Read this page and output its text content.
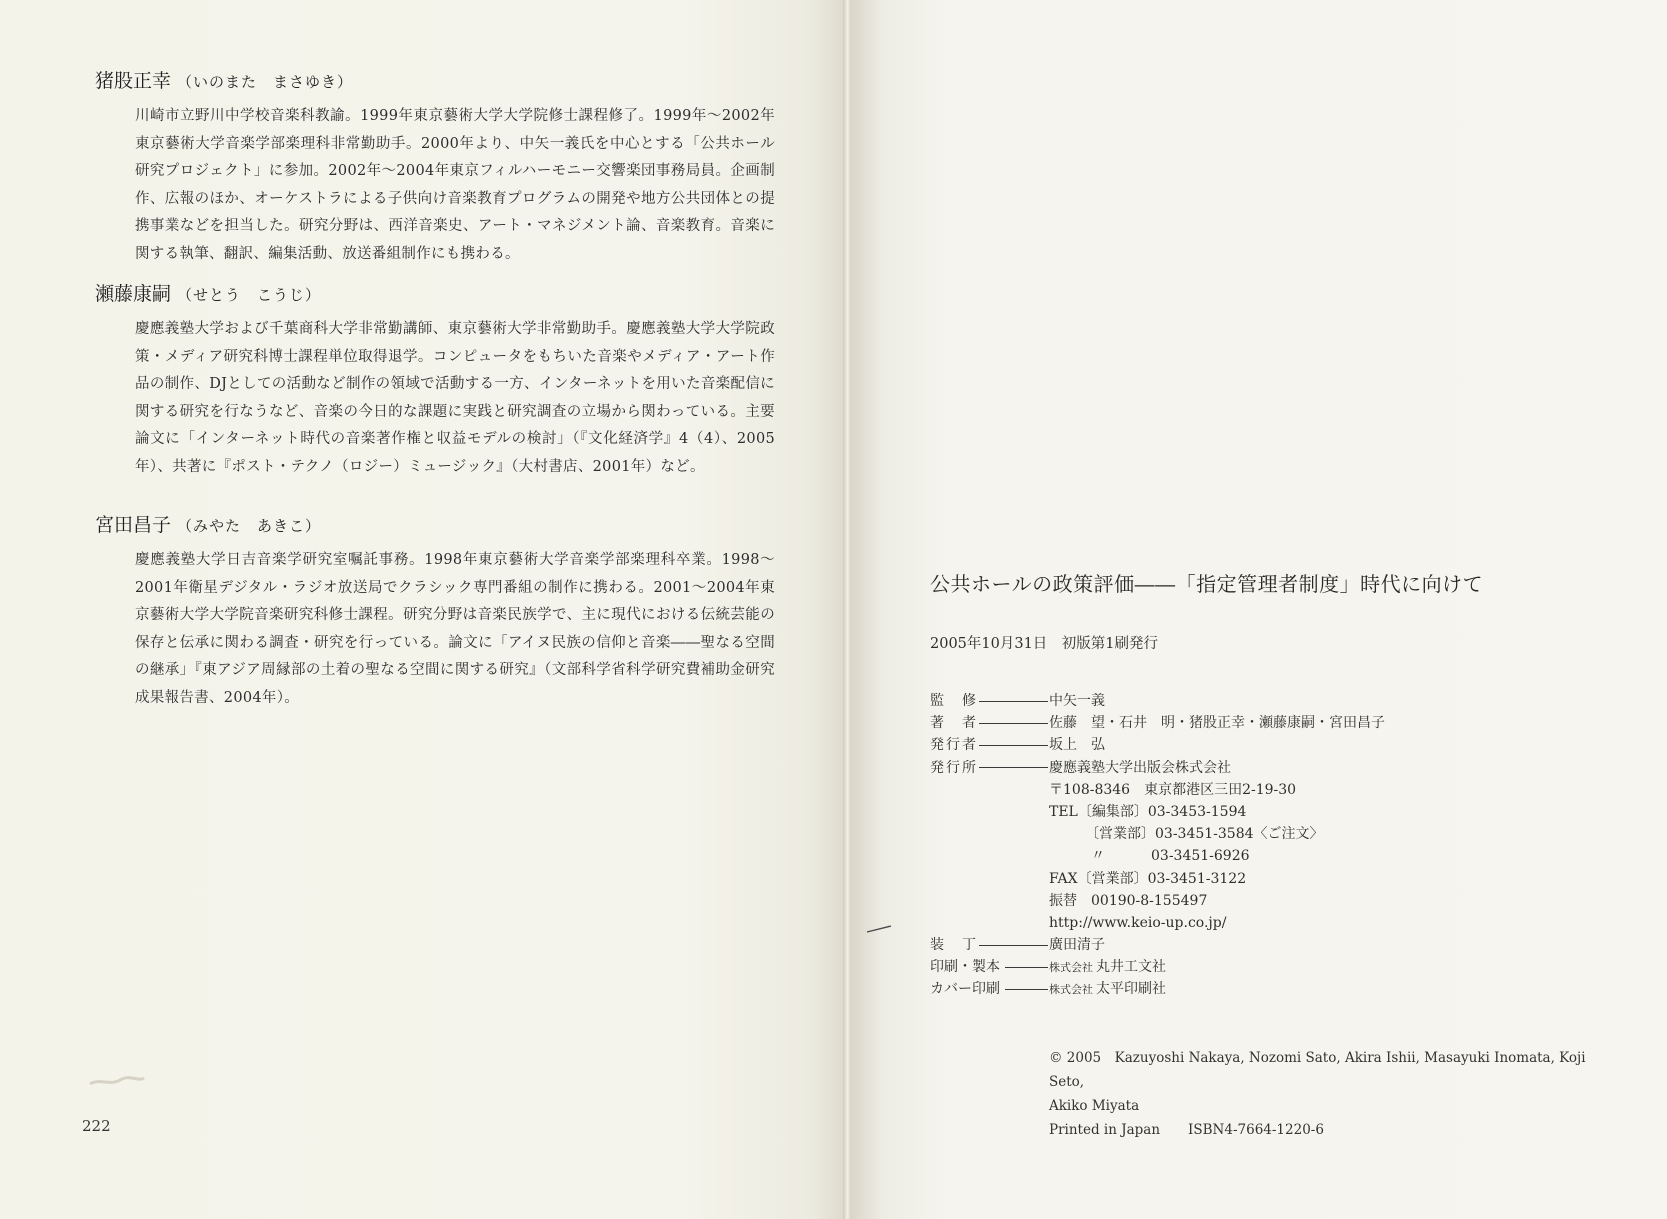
猪股正幸 （いのまた　まさゆき）
川崎市立野川中学校音楽科教諭。1999年東京藝術大学大学院修士課程修了。1999年～2002年東京藝術大学音楽学部楽理科非常勤助手。2000年より、中矢一義氏を中心とする「公共ホール研究プロジェクト」に参加。2002年～2004年東京フィルハーモニー交響楽団事務局員。企画制作、広報のほか、オーケストラによる子供向け音楽教育プログラムの開発や地方公共団体との提携事業などを担当した。研究分野は、西洋音楽史、アート・マネジメント論、音楽教育。音楽に関する執筆、翻訳、編集活動、放送番組制作にも携わる。
瀬藤康嗣 （せとう　こうじ）
慶應義塾大学および千葉商科大学非常勤講師、東京藝術大学非常勤助手。慶應義塾大学大学院政策・メディア研究科博士課程単位取得退学。コンピュータをもちいた音楽やメディア・アート作品の制作、DJとしての活動など制作の領域で活動する一方、インターネットを用いた音楽配信に関する研究を行なうなど、音楽の今日的な課題に実践と研究調査の立場から関わっている。主要論文に「インターネット時代の音楽著作権と収益モデルの検討」（『文化経済学』4（4）、2005年）、共著に『ポスト・テクノ（ロジー）ミュージック』（大村書店、2001年）など。
宮田昌子 （みやた　あきこ）
慶應義塾大学日吉音楽学研究室嘱託事務。1998年東京藝術大学音楽学部楽理科卒業。1998～2001年衛星デジタル・ラジオ放送局でクラシック専門番組の制作に携わる。2001～2004年東京藝術大学大学院音楽研究科修士課程。研究分野は音楽民族学で、主に現代における伝統芸能の保存と伝承に関わる調査・研究を行っている。論文に「アイヌ民族の信仰と音楽――聖なる空間の継承」『東アジア周縁部の土着の聖なる空間に関する研究』（文部科学省科学研究費補助金研究成果報告書、2004年）。
222
公共ホールの政策評価――「指定管理者制度」時代に向けて
2005年10月31日　初版第1刷発行
監　修	中矢一義
著　者	佐藤　望・石井　明・猪股正幸・瀬藤康嗣・宮田昌子
発行者	坂上　弘
発行所	慶應義塾大学出版会株式会社
〒108-8346　東京都港区三田2-19-30
TEL〔編集部〕03-3453-1594
〔営業部〕03-3451-3584〈ご注文〉
〃	03-3451-6926
FAX〔営業部〕03-3451-3122
振替　00190-8-155497
http://www.keio-up.co.jp/
装　丁	廣田清子
印刷・製本	株式会社 丸井工文社
カバー印刷	株式会社 太平印刷社
© 2005　Kazuyoshi Nakaya, Nozomi Sato, Akira Ishii, Masayuki Inomata, Koji Seto,
Akiko Miyata
Printed in Japan ISBN4-7664-1220-6
